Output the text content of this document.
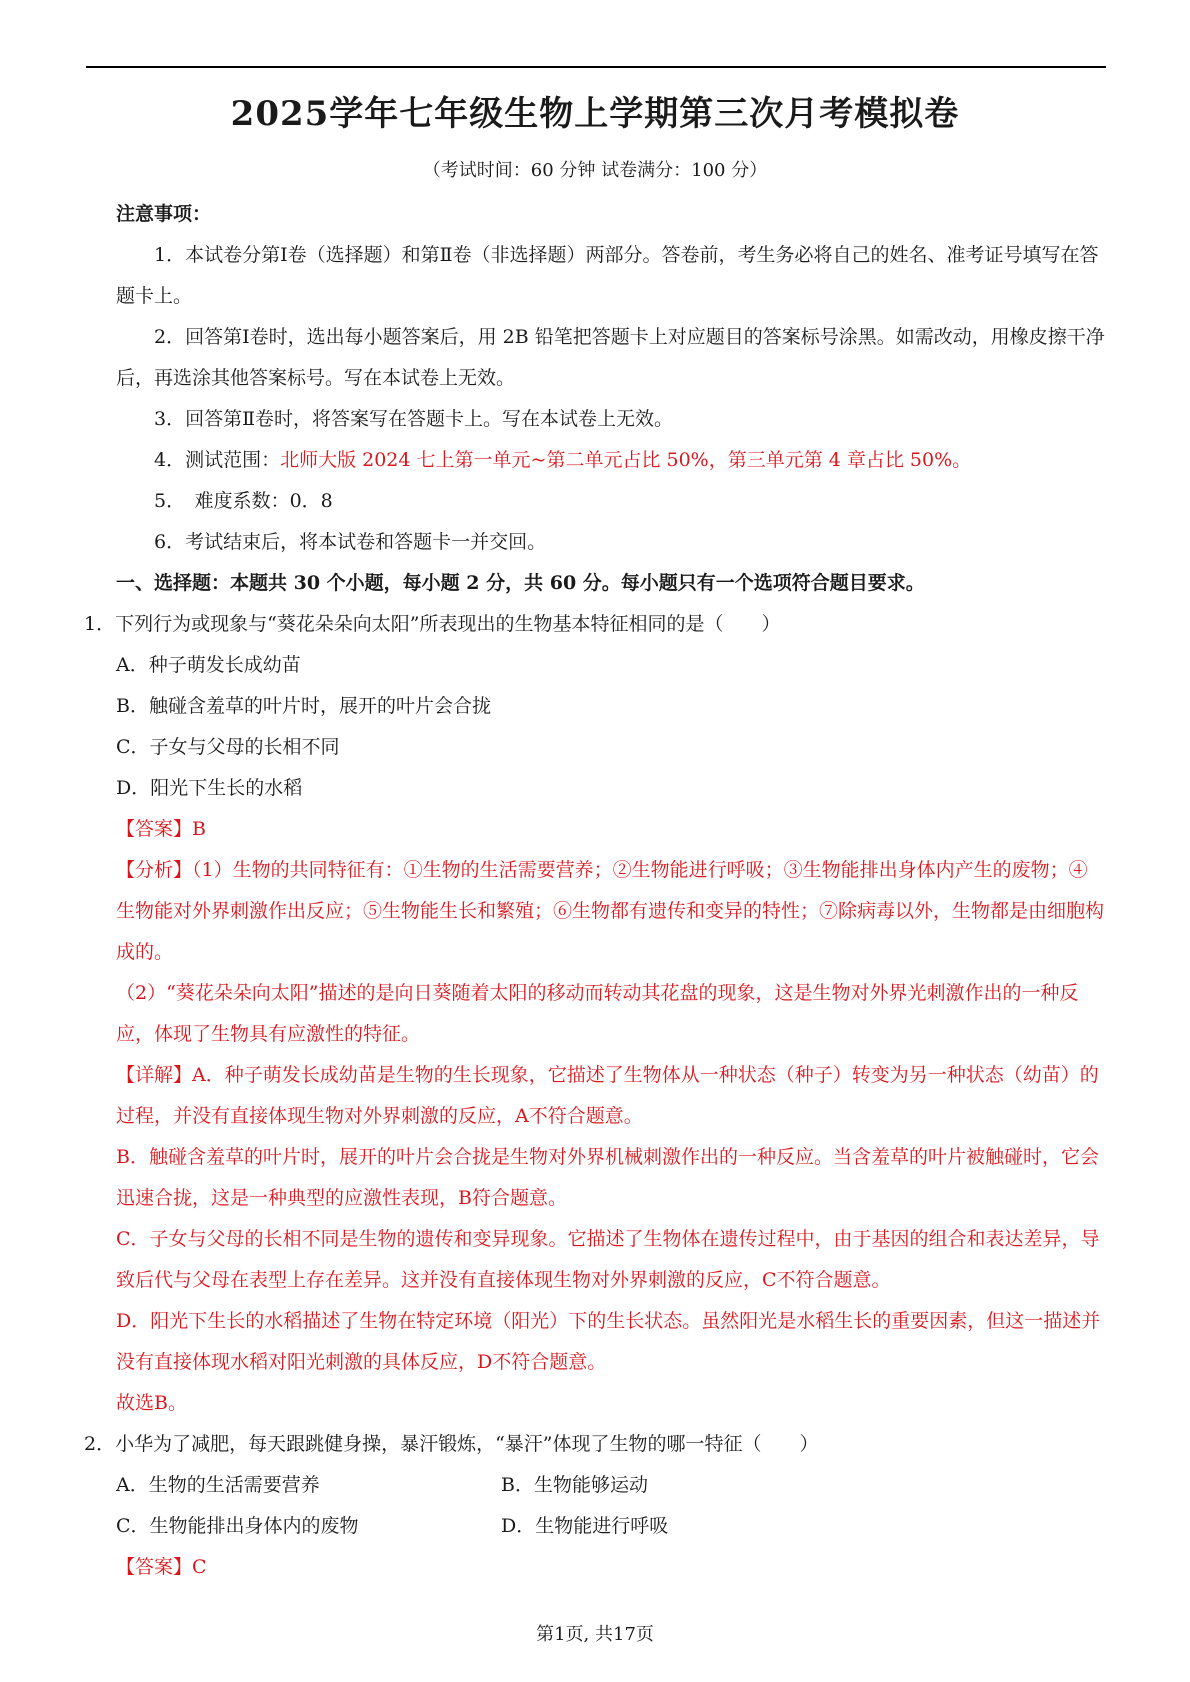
2025学年七年级生物上学期第三次月考模拟卷
（考试时间：60 分钟 试卷满分：100 分）

注意事项：

1．本试卷分第Ⅰ卷（选择题）和第Ⅱ卷（非选择题）两部分。答卷前，考生务必将自己的姓名、准考证号填写在答题卡上。

2．回答第Ⅰ卷时，选出每小题答案后，用 2B 铅笔把答题卡上对应题目的答案标号涂黑。如需改动，用橡皮擦干净后，再选涂其他答案标号。写在本试卷上无效。

3．回答第Ⅱ卷时，将答案写在答题卡上。写在本试卷上无效。

4．测试范围：北师大版 2024 七上第一单元~第二单元占比 50%，第三单元第 4 章占比 50%。

5．　难度系数：0．8

6．考试结束后，将本试卷和答题卡一并交回。

一、选择题：本题共 30 个小题，每小题 2 分，共 60 分。每小题只有一个选项符合题目要求。

1．下列行为或现象与“葵花朵朵向太阳”所表现出的生物基本特征相同的是（　　）

A．种子萌发长成幼苗

B．触碰含羞草的叶片时，展开的叶片会合拢

C．子女与父母的长相不同

D．阳光下生长的水稻

【答案】B

【分析】（1）生物的共同特征有：①生物的生活需要营养；②生物能进行呼吸；③生物能排出身体内产生的废物；④生物能对外界刺激作出反应；⑤生物能生长和繁殖；⑥生物都有遗传和变异的特性；⑦除病毒以外，生物都是由细胞构成的。

（2）“葵花朵朵向太阳”描述的是向日葵随着太阳的移动而转动其花盘的现象，这是生物对外界光刺激作出的一种反应，体现了生物具有应激性的特征。

【详解】A．种子萌发长成幼苗是生物的生长现象，它描述了生物体从一种状态（种子）转变为另一种状态（幼苗）的过程，并没有直接体现生物对外界刺激的反应，A不符合题意。

B．触碰含羞草的叶片时，展开的叶片会合拢是生物对外界机械刺激作出的一种反应。当含羞草的叶片被触碰时，它会迅速合拢，这是一种典型的应激性表现，B符合题意。

C．子女与父母的长相不同是生物的遗传和变异现象。它描述了生物体在遗传过程中，由于基因的组合和表达差异，导致后代与父母在表型上存在差异。这并没有直接体现生物对外界刺激的反应，C不符合题意。

D．阳光下生长的水稻描述了生物在特定环境（阳光）下的生长状态。虽然阳光是水稻生长的重要因素，但这一描述并没有直接体现水稻对阳光刺激的具体反应，D不符合题意。

故选B。

2．小华为了减肥，每天跟跳健身操，暴汗锻炼，“暴汗”体现了生物的哪一特征（　　）

A．生物的生活需要营养	B．生物能够运动
C．生物能排出身体内的废物	D．生物能进行呼吸

【答案】C

第1页, 共17页
